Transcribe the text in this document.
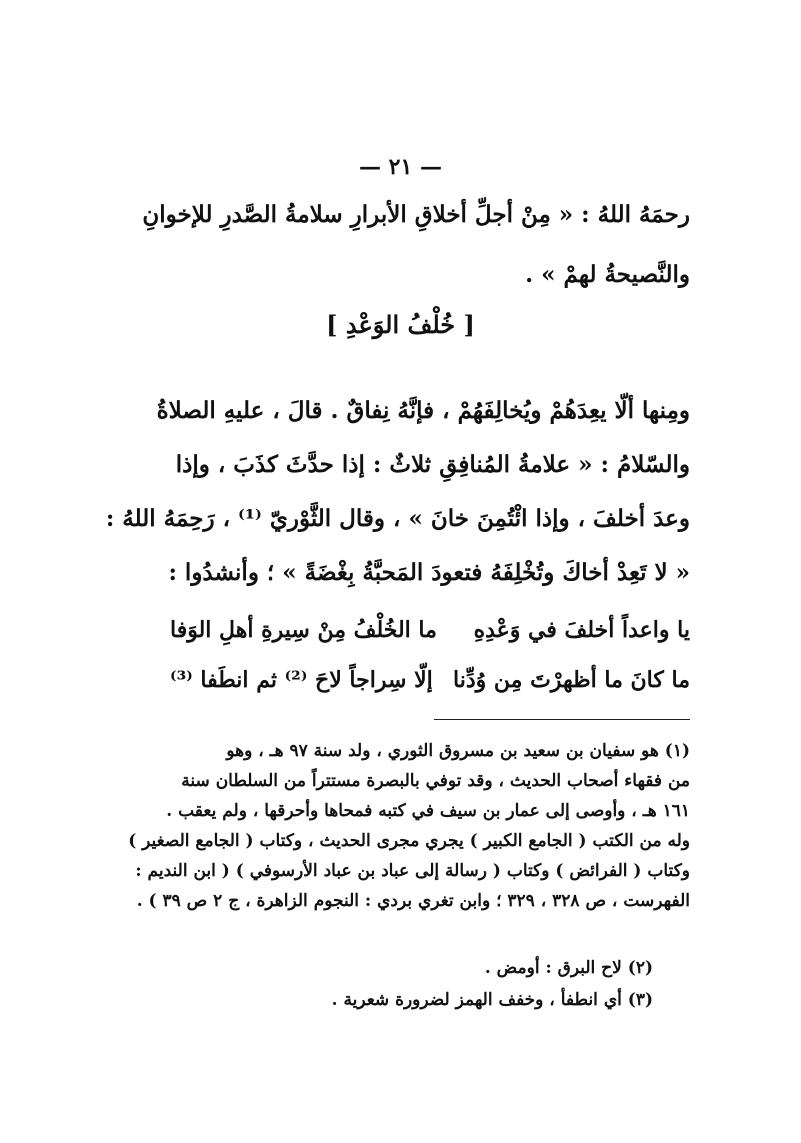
— ٢١ —
رحمَهُ اللهُ : « مِنْ أجلِّ أخلاقِ الأبرارِ سلامةُ الصَّدرِ للإخوانِ
والنَّصيحةُ لهمْ » .
[ خُلْفُ الوَعْدِ ]
ومِنها ألّا يعِدَهُمْ ويُخالِفَهُمْ ، فإنَّهُ نِفاقٌ . قالَ ، عليهِ الصلاةُ
والسّلامُ : « علامةُ المُنافِقِ ثلاثٌ : إذا حدَّثَ كذَبَ ، وإذا
وعدَ أخلفَ ، وإذا ائْتُمِنَ خانَ » ، وقال الثَّوْريّ ⁽¹⁾ ، رَحِمَهُ اللهُ :
« لا تَعِدْ أخاكَ وتُخْلِفَهُ فتعودَ المَحبَّةُ بِغْضَةً » ؛ وأنشدُوا :
يا واعداً أخلفَ في وَعْدِهِ
ما الخُلْفُ مِنْ سِيرةِ أهلِ الوَفا
ما كانَ ما أظهرْتَ مِن وُدِّنا
إلّا سِراجاً لاحَ ⁽²⁾ ثم انطَفا ⁽³⁾
(١) هو سفيان بن سعيد بن مسروق الثوري ، ولد سنة ٩٧ هـ ، وهو
من فقهاء أصحاب الحديث ، وقد توفي بالبصرة مستتراً من السلطان سنة
١٦١ هـ ، وأوصى إلى عمار بن سيف في كتبه فمحاها وأحرقها ، ولم يعقب .
وله من الكتب ( الجامع الكبير ) يجري مجرى الحديث ، وكتاب ( الجامع الصغير )
وكتاب ( الفرائض ) وكتاب ( رسالة إلى عباد بن عباد الأرسوفي ) ( ابن النديم :
الفهرست ، ص ٣٢٨ ، ٣٢٩ ؛ وابن تغري بردي : النجوم الزاهرة ، ج ٢ ص ٣٩ ) .
(٢) لاح البرق : أومض .
(٣) أي انطفأ ، وخفف الهمز لضرورة شعرية .
